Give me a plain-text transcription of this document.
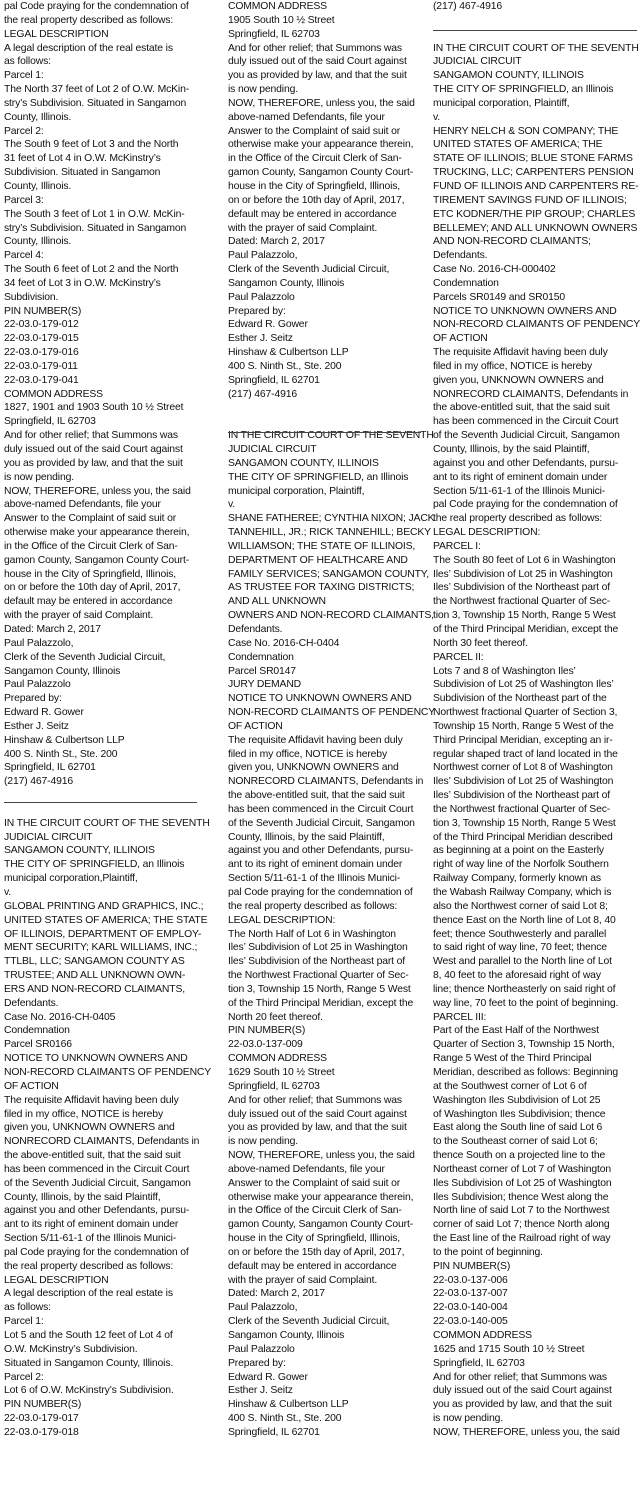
pal Code praying for the condemnation of
the real property described as follows:
LEGAL DESCRIPTION
A legal description of the real estate is
as follows:
Parcel 1:
The North 37 feet of Lot 2 of O.W. McKin-
stry’s Subdivision. Situated in Sangamon
County, Illinois.
Parcel 2:
The South 9 feet of Lot 3 and the North
31 feet of Lot 4 in O.W. McKinstry’s
Subdivision. Situated in Sangamon
County, Illinois.
Parcel 3:
The South 3 feet of Lot 1 in O.W. McKin-
stry’s Subdivision. Situated in Sangamon
County, Illinois.
Parcel 4:
The South 6 feet of Lot 2 and the North
34 feet of Lot 3 in O.W. McKinstry’s
Subdivision.
PIN NUMBER(S)
22-03.0-179-012
22-03.0-179-015
22-03.0-179-016
22-03.0-179-011
22-03.0-179-041
COMMON ADDRESS
1827, 1901 and 1903 South 10 ½ Street
Springfield, IL 62703
And for other relief; that Summons was
duly issued out of the said Court against
you as provided by law, and that the suit
is now pending.
NOW, THEREFORE, unless you, the said
above-named Defendants, file your
Answer to the Complaint of said suit or
otherwise make your appearance therein,
in the Office of the Circuit Clerk of San-
gamon County, Sangamon County Court-
house in the City of Springfield, Illinois,
on or before the 10th day of April, 2017,
default may be entered in accordance
with the prayer of said Complaint.
Dated: March 2, 2017
Paul Palazzolo,
Clerk of the Seventh Judicial Circuit,
Sangamon County, Illinois
Paul Palazzolo
Prepared by:
Edward R. Gower
Esther J. Seitz
Hinshaw & Culbertson LLP
400 S. Ninth St., Ste. 200
Springfield, IL 62701
(217) 467-4916
IN THE CIRCUIT COURT OF THE SEVENTH
JUDICIAL CIRCUIT
SANGAMON COUNTY, ILLINOIS
THE CITY OF SPRINGFIELD, an Illinois
municipal corporation,Plaintiff,
v.
GLOBAL PRINTING AND GRAPHICS, INC.;
UNITED STATES OF AMERICA; THE STATE
OF ILLINOIS, DEPARTMENT OF EMPLOY-
MENT SECURITY; KARL WILLIAMS, INC.;
TTLBL, LLC; SANGAMON COUNTY AS
TRUSTEE; AND ALL UNKNOWN OWN-
ERS AND NON-RECORD CLAIMANTS,
Defendants.
Case No. 2016-CH-0405
Condemnation
Parcel SR0166
NOTICE TO UNKNOWN OWNERS AND
NON-RECORD CLAIMANTS OF PENDENCY
OF ACTION
The requisite Affidavit having been duly
filed in my office, NOTICE is hereby
given you, UNKNOWN OWNERS and
NONRECORD CLAIMANTS, Defendants in
the above-entitled suit, that the said suit
has been commenced in the Circuit Court
of the Seventh Judicial Circuit, Sangamon
County, Illinois, by the said Plaintiff,
against you and other Defendants, pursu-
ant to its right of eminent domain under
Section 5/11-61-1 of the Illinois Munici-
pal Code praying for the condemnation of
the real property described as follows:
LEGAL DESCRIPTION
A legal description of the real estate is
as follows:
Parcel 1:
Lot 5 and the South 12 feet of Lot 4 of
O.W. McKinstry’s Subdivision.
Situated in Sangamon County, Illinois.
Parcel 2:
Lot 6 of O.W. McKinstry’s Subdivision.
PIN NUMBER(S)
22-03.0-179-017
22-03.0-179-018
COMMON ADDRESS
1905 South 10 ½ Street
Springfield, IL 62703
And for other relief; that Summons was
duly issued out of the said Court against
you as provided by law, and that the suit
is now pending.
NOW, THEREFORE, unless you, the said
above-named Defendants, file your
Answer to the Complaint of said suit or
otherwise make your appearance therein,
in the Office of the Circuit Clerk of San-
gamon County, Sangamon County Court-
house in the City of Springfield, Illinois,
on or before the 10th day of April, 2017,
default may be entered in accordance
with the prayer of said Complaint.
Dated: March 2, 2017
Paul Palazzolo,
Clerk of the Seventh Judicial Circuit,
Sangamon County, Illinois
Paul Palazzolo
Prepared by:
Edward R. Gower
Esther J. Seitz
Hinshaw & Culbertson LLP
400 S. Ninth St., Ste. 200
Springfield, IL 62701
(217) 467-4916
IN THE CIRCUIT COURT OF THE SEVENTH
JUDICIAL CIRCUIT
SANGAMON COUNTY, ILLINOIS
THE CITY OF SPRINGFIELD, an Illinois
municipal corporation, Plaintiff,
v.
SHANE FATHEREE; CYNTHIA NIXON; JACK
TANNEHILL, JR.; RICK TANNEHILL; BECKY
WILLIAMSON; THE STATE OF ILLINOIS,
DEPARTMENT OF HEALTHCARE AND
FAMILY SERVICES; SANGAMON COUNTY,
AS TRUSTEE FOR TAXING DISTRICTS;
AND ALL UNKNOWN
OWNERS AND NON-RECORD CLAIMANTS,
Defendants.
Case No. 2016-CH-0404
Condemnation
Parcel SR0147
JURY DEMAND
NOTICE TO UNKNOWN OWNERS AND
NON-RECORD CLAIMANTS OF PENDENCY
OF ACTION
The requisite Affidavit having been duly
filed in my office, NOTICE is hereby
given you, UNKNOWN OWNERS and
NONRECORD CLAIMANTS, Defendants in
the above-entitled suit, that the said suit
has been commenced in the Circuit Court
of the Seventh Judicial Circuit, Sangamon
County, Illinois, by the said Plaintiff,
against you and other Defendants, pursu-
ant to its right of eminent domain under
Section 5/11-61-1 of the Illinois Munici-
pal Code praying for the condemnation of
the real property described as follows:
LEGAL DESCRIPTION:
The North Half of Lot 6 in Washington
Iles’ Subdivision of Lot 25 in Washington
Iles’ Subdivision of the Northeast part of
the Northwest Fractional Quarter of Sec-
tion 3, Township 15 North, Range 5 West
of the Third Principal Meridian, except the
North 20 feet thereof.
PIN NUMBER(S)
22-03.0-137-009
COMMON ADDRESS
1629 South 10 ½ Street
Springfield, IL 62703
And for other relief; that Summons was
duly issued out of the said Court against
you as provided by law, and that the suit
is now pending.
NOW, THEREFORE, unless you, the said
above-named Defendants, file your
Answer to the Complaint of said suit or
otherwise make your appearance therein,
in the Office of the Circuit Clerk of San-
gamon County, Sangamon County Court-
house in the City of Springfield, Illinois,
on or before the 15th day of April, 2017,
default may be entered in accordance
with the prayer of said Complaint.
Dated: March 2, 2017
Paul Palazzolo,
Clerk of the Seventh Judicial Circuit,
Sangamon County, Illinois
Paul Palazzolo
Prepared by:
Edward R. Gower
Esther J. Seitz
Hinshaw & Culbertson LLP
400 S. Ninth St., Ste. 200
Springfield, IL 62701
(217) 467-4916
IN THE CIRCUIT COURT OF THE SEVENTH
JUDICIAL CIRCUIT
SANGAMON COUNTY, ILLINOIS
THE CITY OF SPRINGFIELD, an Illinois
municipal corporation, Plaintiff,
v.
HENRY NELCH & SON COMPANY; THE
UNITED STATES OF AMERICA; THE
STATE OF ILLINOIS; BLUE STONE FARMS
TRUCKING, LLC; CARPENTERS PENSION
FUND OF ILLINOIS AND CARPENTERS RE-
TIREMENT SAVINGS FUND OF ILLINOIS;
ETC KODNER/THE PIP GROUP; CHARLES
BELLEMEY; AND ALL UNKNOWN OWNERS
AND NON-RECORD CLAIMANTS;
Defendants.
Case No. 2016-CH-000402
Condemnation
Parcels SR0149 and SR0150
NOTICE TO UNKNOWN OWNERS AND
NON-RECORD CLAIMANTS OF PENDENCY
OF ACTION
The requisite Affidavit having been duly
filed in my office, NOTICE is hereby
given you, UNKNOWN OWNERS and
NONRECORD CLAIMANTS, Defendants in
the above-entitled suit, that the said suit
has been commenced in the Circuit Court
of the Seventh Judicial Circuit, Sangamon
County, Illinois, by the said Plaintiff,
against you and other Defendants, pursu-
ant to its right of eminent domain under
Section 5/11-61-1 of the Illinois Munici-
pal Code praying for the condemnation of
the real property described as follows:
LEGAL DESCRIPTION:
PARCEL I:
The South 80 feet of Lot 6 in Washington
Iles’ Subdivision of Lot 25 in Washington
Iles’ Subdivision of the Northeast part of
the Northwest fractional Quarter of Sec-
tion 3, Township 15 North, Range 5 West
of the Third Principal Meridian, except the
North 30 feet thereof.
PARCEL II:
Lots 7 and 8 of Washington Iles’
Subdivision of Lot 25 of Washington Iles’
Subdivision of the Northeast part of the
Northwest fractional Quarter of Section 3,
Township 15 North, Range 5 West of the
Third Principal Meridian, excepting an ir-
regular shaped tract of land located in the
Northwest corner of Lot 8 of Washington
Iles’ Subdivision of Lot 25 of Washington
Iles’ Subdivision of the Northeast part of
the Northwest fractional Quarter of Sec-
tion 3, Township 15 North, Range 5 West
of the Third Principal Meridian described
as beginning at a point on the Easterly
right of way line of the Norfolk Southern
Railway Company, formerly known as
the Wabash Railway Company, which is
also the Northwest corner of said Lot 8;
thence East on the North line of Lot 8, 40
feet; thence Southwesterly and parallel
to said right of way line, 70 feet; thence
West and parallel to the North line of Lot
8, 40 feet to the aforesaid right of way
line; thence Northeasterly on said right of
way line, 70 feet to the point of beginning.
PARCEL III:
Part of the East Half of the Northwest
Quarter of Section 3, Township 15 North,
Range 5 West of the Third Principal
Meridian, described as follows: Beginning
at the Southwest corner of Lot 6 of
Washington Iles Subdivision of Lot 25
of Washington Iles Subdivision; thence
East along the South line of said Lot 6
to the Southeast corner of said Lot 6;
thence South on a projected line to the
Northeast corner of Lot 7 of Washington
Iles Subdivision of Lot 25 of Washington
Iles Subdivision; thence West along the
North line of said Lot 7 to the Northwest
corner of said Lot 7; thence North along
the East line of the Railroad right of way
to the point of beginning.
PIN NUMBER(S)
22-03.0-137-006
22-03.0-137-007
22-03.0-140-004
22-03.0-140-005
COMMON ADDRESS
1625 and 1715 South 10 ½ Street
Springfield, IL 62703
And for other relief; that Summons was
duly issued out of the said Court against
you as provided by law, and that the suit
is now pending.
NOW, THEREFORE, unless you, the said
